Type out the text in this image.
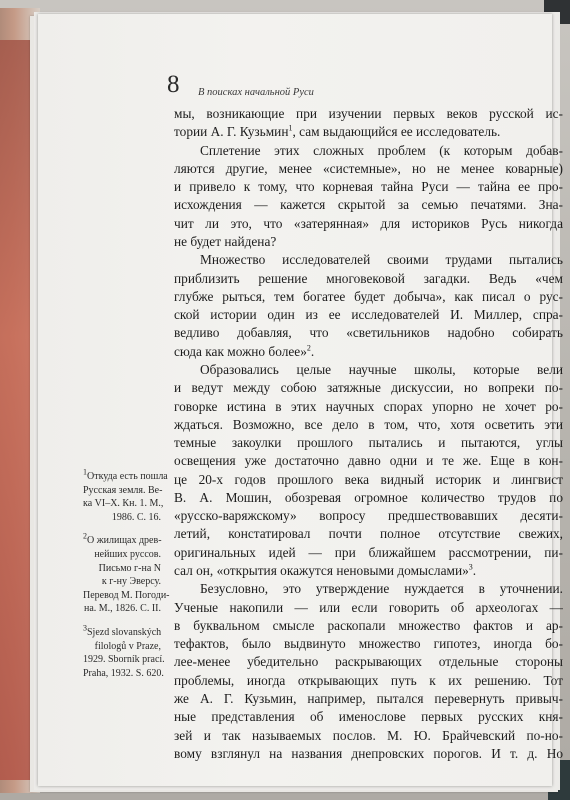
8 В поисках начальной Руси

мы, возникающие при изучении первых веков русской ис-
тории А. Г. Кузьмин$^1$, сам выдающийся ее исследователь.

Сплетение этих сложных проблем (к которым добав-
ляются другие, менее «системные», но не менее коварные)
и привело к тому, что корневая тайна Руси — тайна ее про-
исхождения — кажется скрытой за семью печатями. Зна-
чит ли это, что «затерянная» для историков Русь никогда
не будет найдена?

Множество исследователей своими трудами пытались
приблизить решение многовековой загадки. Ведь «чем
глубже рыться, тем богатее будет добыча», как писал о рус-
ской истории один из ее исследователей И. Миллер, спра-
ведливо добавляя, что «светильников надобно собирать
сюда как можно более»$^2$.

Образовались целые научные школы, которые вели
и ведут между собою затяжные дискуссии, но вопреки по-
говорке истина в этих научных спорах упорно не хочет ро-
ждаться. Возможно, все дело в том, что, хотя осветить эти
темные закоулки прошлого пытались и пытаются, углы
освещения уже достаточно давно одни и те же. Еще в кон-
це 20-х годов прошлого века видный историк и лингвист
В. А. Мошин, обозревая огромное количество трудов по
«русско-варяжскому» вопросу предшествовавших десяти-
летий, констатировал почти полное отсутствие свежих,
оригинальных идей — при ближайшем рассмотрении, пи-
сал он, «открытия окажутся неновыми домыслами»$^3$.

Безусловно, это утверждение нуждается в уточнении.
Ученые накопили — или если говорить об археологах —
в буквальном смысле раскопали множество фактов и ар-
тефактов, было выдвинуто множество гипотез, иногда бо-
лее-менее убедительно раскрывающих отдельные стороны
проблемы, иногда открывающих путь к их решению. Тот
же А. Г. Кузьмин, например, пытался перевернуть привыч-
ные представления об именослове первых русских кня-
зей и так называемых послов. М. Ю. Брайчевский по-но-
вому взглянул на названия днепровских порогов. И т. д. Но

$^1$Откуда есть пошла
Русская земля. Ве-
ка VI–X. Кн. 1. М.,
1986. С. 16.
$^2$О жилищах древ-
нейших руссов.
Письмо г-на N
к г-ну Эверсу.
Перевод М. Погоди-
на. М., 1826. С. II.
$^3$Sjezd slovanských
filologů v Praze,
1929. Sborník prací.
Praha, 1932. S. 620.
